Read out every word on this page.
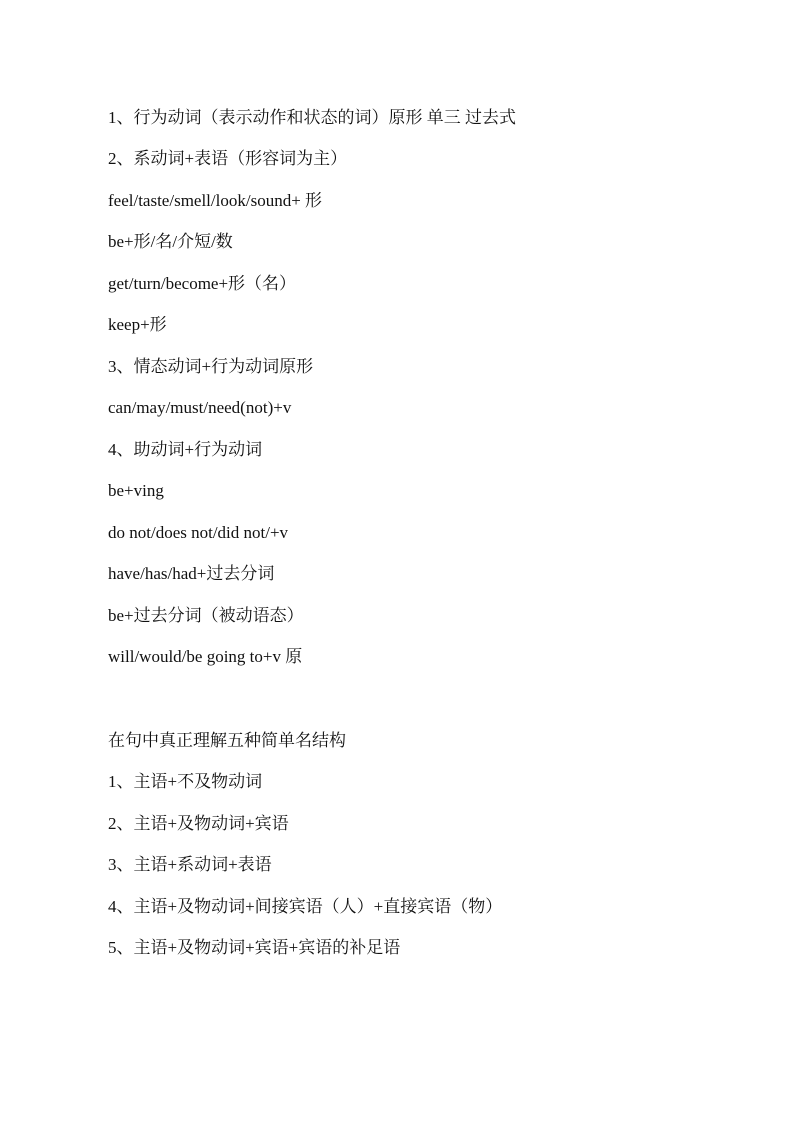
1、行为动词（表示动作和状态的词）原形 单三 过去式
2、系动词+表语（形容词为主）
feel/taste/smell/look/sound+ 形
be+形/名/介短/数
get/turn/become+形（名）
keep+形
3、情态动词+行为动词原形
can/may/must/need(not)+v
4、助动词+行为动词
be+ving
do not/does not/did not/+v
have/has/had+过去分词
be+过去分词（被动语态）
will/would/be going to+v 原
在句中真正理解五种简单名结构
1、主语+不及物动词
2、主语+及物动词+宾语
3、主语+系动词+表语
4、主语+及物动词+间接宾语（人）+直接宾语（物）
5、主语+及物动词+宾语+宾语的补足语
